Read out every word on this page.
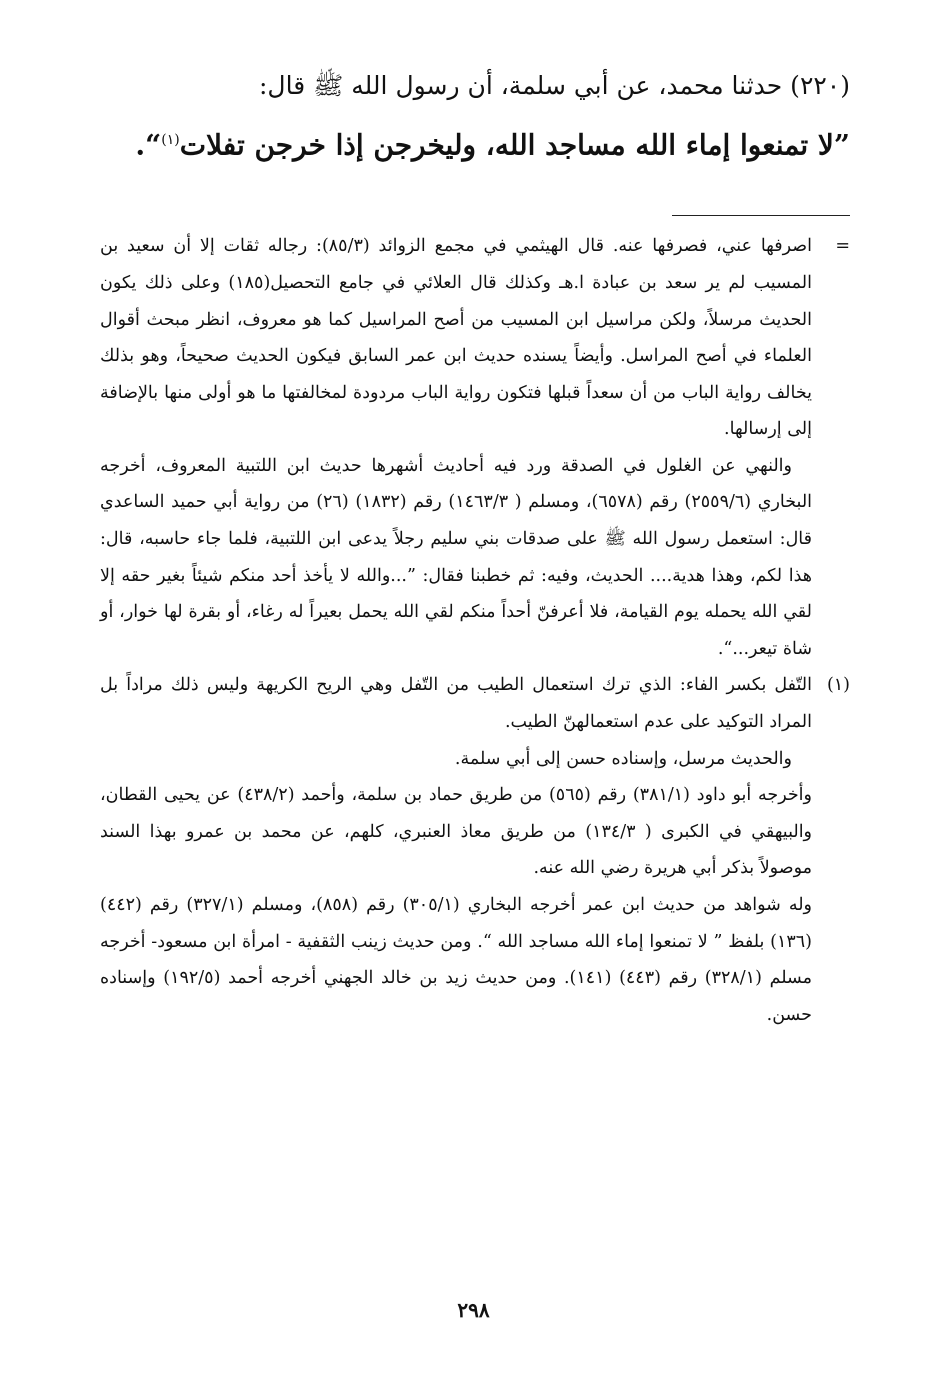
(٢٢٠) حدثنا محمد، عن أبي سلمة، أن رسول الله ﷺ قال:

”لا تمنعوا إماء الله مساجد الله، وليخرجن إذا خرجن تفلات$^{(١)}$“.

=اصرفها عني، فصرفها عنه. قال الهيثمي في مجمع الزوائد (٨٥/٣): رجاله ثقات إلا أن سعيد بن المسيب لم ير سعد بن عبادة ا.هـ وكذلك قال العلائي في جامع التحصيل(١٨٥) وعلى ذلك يكون الحديث مرسلاً، ولكن مراسيل ابن المسيب من أصح المراسيل كما هو معروف، انظر مبحث أقوال العلماء في أصح المراسل. وأيضاً يسنده حديث ابن عمر السابق فيكون الحديث صحيحاً، وهو بذلك يخالف رواية الباب من أن سعداً قبلها فتكون رواية الباب مردودة لمخالفتها ما هو أولى منها بالإضافة إلى إرسالها.

والنهي عن الغلول في الصدقة ورد فيه أحاديث أشهرها حديث ابن اللتبية المعروف، أخرجه البخاري (٢٥٥٩/٦) رقم (٦٥٧٨)، ومسلم ( ١٤٦٣/٣) رقم (١٨٣٢) (٢٦) من رواية أبي حميد الساعدي قال: استعمل رسول الله ﷺ على صدقات بني سليم رجلاً يدعى ابن اللتبية، فلما جاء حاسبه، قال: هذا لكم، وهذا هدية.... الحديث، وفيه: ثم خطبنا فقال: ”...والله لا يأخذ أحد منكم شيئاً بغير حقه إلا لقي الله يحمله يوم القيامة، فلا أعرفنّ أحداً منكم لقي الله يحمل بعيراً له رغاء، أو بقرة لها خوار، أو شاة تيعر...“.

(١)التّفل بكسر الفاء: الذي ترك استعمال الطيب من التّفل وهي الريح الكريهة وليس ذلك مراداً بل المراد التوكيد على عدم استعمالهنّ الطيب.

والحديث مرسل، وإسناده حسن إلى أبي سلمة.

وأخرجه أبو داود (٣٨١/١) رقم (٥٦٥) من طريق حماد بن سلمة، وأحمد (٤٣٨/٢) عن يحيى القطان، والبيهقي في الكبرى ( ١٣٤/٣) من طريق معاذ العنبري، كلهم، عن محمد بن عمرو بهذا السند موصولاً بذكر أبي هريرة رضي الله عنه.

وله شواهد من حديث ابن عمر أخرجه البخاري (٣٠٥/١) رقم (٨٥٨)، ومسلم (٣٢٧/١) رقم (٤٤٢) (١٣٦) بلفظ ” لا تمنعوا إماء الله مساجد الله “. ومن حديث زينب الثقفية - امرأة ابن مسعود- أخرجه مسلم (٣٢٨/١) رقم (٤٤٣) (١٤١). ومن حديث زيد بن خالد الجهني أخرجه أحمد (١٩٢/٥) وإسناده حسن.

٢٩٨
